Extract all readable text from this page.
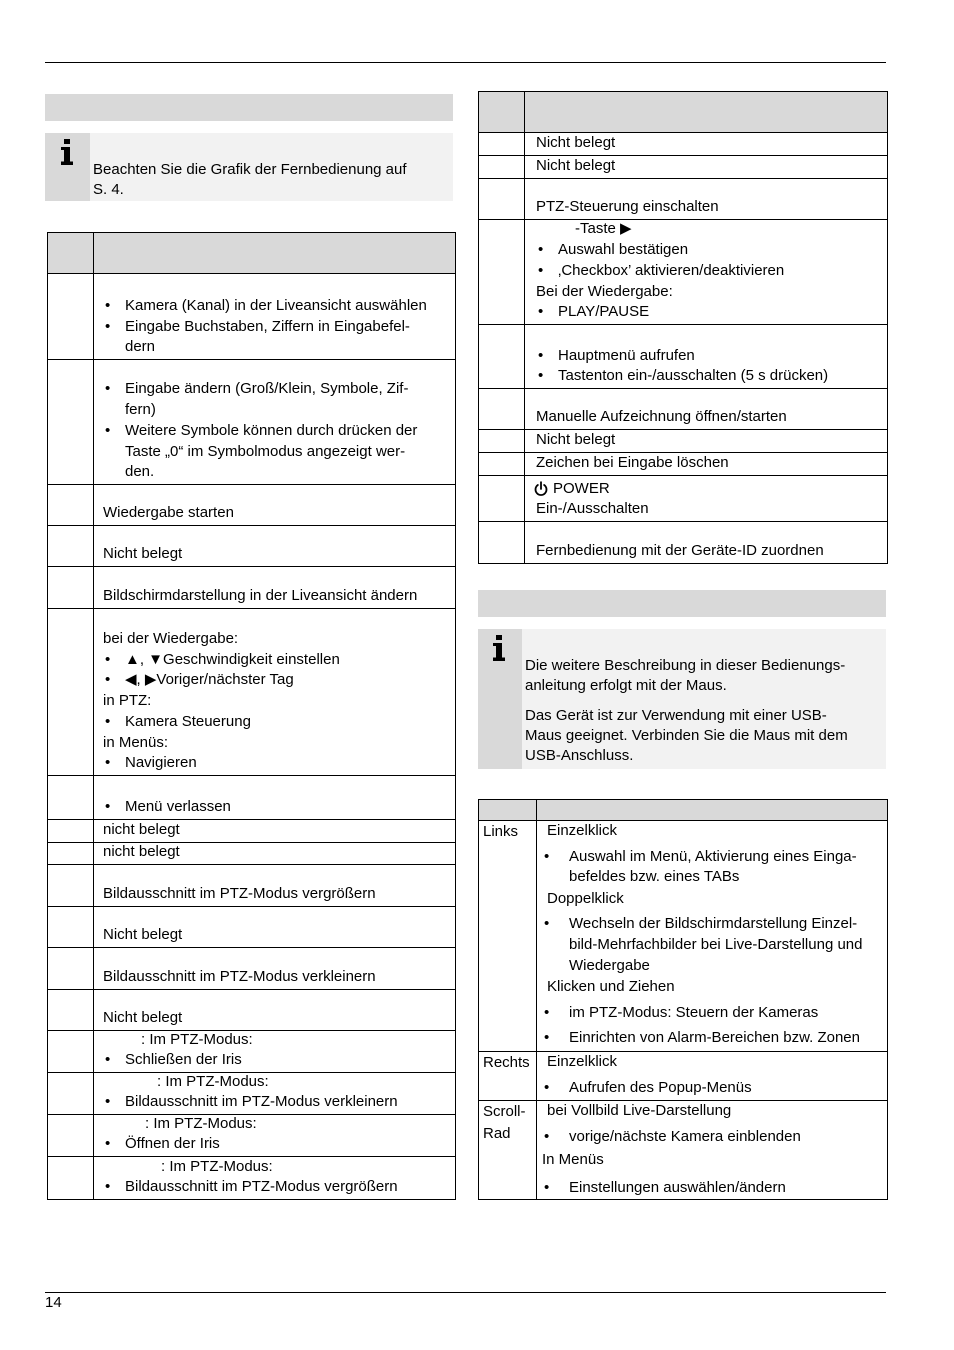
Beachten Sie die Grafik der Fernbedienung auf
S. 4.
• Kamera (Kanal) in der Liveansicht auswählen
• Eingabe Buchstaben, Ziffern in Eingabefel-
dern
• Eingabe ändern (Groß/Klein, Symbole, Zif-
fern)
• Weitere Symbole können durch drücken der
Taste „0“ im Symbolmodus angezeigt wer-
den.
Wiedergabe starten
Nicht belegt
Bildschirmdarstellung in der Liveansicht ändern
bei der Wiedergabe:
• ▲, ▼Geschwindigkeit einstellen
• ◀, ▶Voriger/nächster Tag
in PTZ:
• Kamera Steuerung
in Menüs:
• Navigieren
• Menü verlassen
nicht belegt
nicht belegt
Bildausschnitt im PTZ-Modus vergrößern
Nicht belegt
Bildausschnitt im PTZ-Modus verkleinern
Nicht belegt
: Im PTZ-Modus:
• Schließen der Iris
: Im PTZ-Modus:
• Bildausschnitt im PTZ-Modus verkleinern
: Im PTZ-Modus:
• Öffnen der Iris
: Im PTZ-Modus:
• Bildausschnitt im PTZ-Modus vergrößern
Nicht belegt
Nicht belegt
PTZ-Steuerung einschalten
-Taste ▶
• Auswahl bestätigen
• ‚Checkbox’ aktivieren/deaktivieren
Bei der Wiedergabe:
• PLAY/PAUSE
• Hauptmenü aufrufen
• Tastenton ein-/ausschalten (5 s drücken)
Manuelle Aufzeichnung öffnen/starten
Nicht belegt
Zeichen bei Eingabe löschen
POWER
Ein-/Ausschalten
Fernbedienung mit der Geräte-ID zuordnen
Die weitere Beschreibung in dieser Bedienungs-
anleitung erfolgt mit der Maus.
Das Gerät ist zur Verwendung mit einer USB-
Maus geeignet. Verbinden Sie die Maus mit dem
USB-Anschluss.
Links	Einzelklick
• Auswahl im Menü, Aktivierung eines Einga-
befeldes bzw. eines TABs
Doppelklick
• Wechseln der Bildschirmdarstellung Einzel-
bild-Mehrfachbilder bei Live-Darstellung und
Wiedergabe
Klicken und Ziehen
• im PTZ-Modus: Steuern der Kameras
• Einrichten von Alarm-Bereichen bzw. Zonen
Rechts	Einzelklick
• Aufrufen des Popup-Menüs
Scroll-
Rad
bei Vollbild Live-Darstellung
• vorige/nächste Kamera einblenden
In Menüs
• Einstellungen auswählen/ändern
14
